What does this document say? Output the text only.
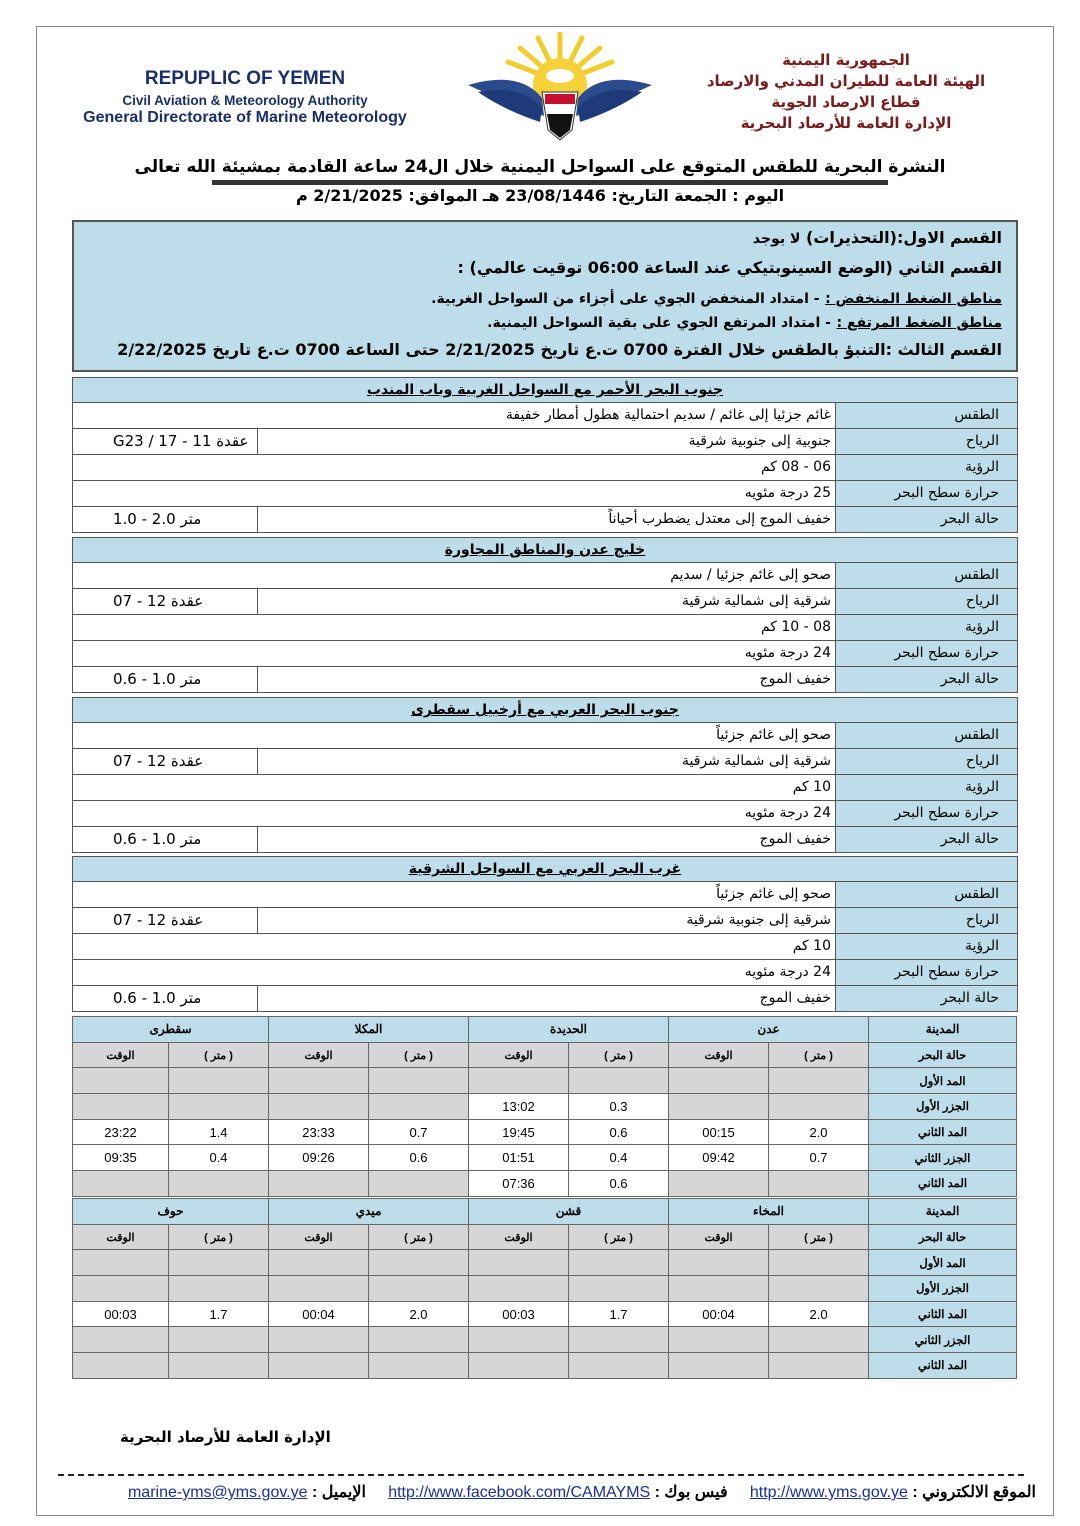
REPUPLIC OF YEMEN
Civil Aviation & Meteorology Authority
General Directorate of Marine Meteorology
الجمهورية اليمنية
الهيئة العامة للطيران المدني والارصاد
قطاع الارصاد الجوية
الإدارة العامة للأرصاد البحرية
النشرة البحرية للطقس المتوقع على السواحل اليمنية خلال ال24 ساعة القادمة بمشيئة الله تعالى
اليوم : الجمعة التاريخ: 23/08/1446 هـ الموافق: 2/21/2025 م
القسم الاول:(التحذيرات) لا يوجد
القسم الثاني (الوضع السينوبتيكي عند الساعة 06:00 توقيت عالمي) :
مناطق الضغط المنخفض : - امتداد المنخفض الجوي على أجزاء من السواحل الغربية.
مناطق الضغط المرتفع : - امتداد المرتفع الجوي على بقية السواحل اليمنية.
القسم الثالث :التنبؤ بالطقس خلال الفترة 0700 ت.ع تاريخ 2/21/2025 حتى الساعة 0700 ت.ع تاريخ 2/22/2025
جنوب البحر الأحمر مع السواحل الغربية وباب المندب
الطقس
غائم جزئيا إلى غائم / سديم احتمالية هطول أمطار خفيفة
الرياح
جنوبية إلى جنوبية شرقية
G23 / 17 - 11 عقدة
الرؤية
06 - 08 كم
حرارة سطح البحر
25 درجة مئويه
حالة البحر
خفيف الموج إلى معتدل يضطرب أحياناً
1.0 - 2.0 متر
خليج عدن والمناطق المجاورة
الطقس
صحو إلى غائم جزئيا / سديم
الرياح
شرقية إلى شمالية شرقية
07 - 12 عقدة
الرؤية
08 - 10 كم
حرارة سطح البحر
24 درجة مئويه
حالة البحر
خفيف الموج
0.6 - 1.0 متر
جنوب البحر العربي مع أرخبيل سقطرى
الطقس
صحو إلى غائم جزئياً
الرياح
شرقية إلى شمالية شرقية
07 - 12 عقدة
الرؤية
10 كم
حرارة سطح البحر
24 درجة مئويه
حالة البحر
خفيف الموج
0.6 - 1.0 متر
غرب البحر العربي مع السواحل الشرقية
الطقس
صحو إلى غائم جزئياً
الرياح
شرقية إلى جنوبية شرقية
07 - 12 عقدة
الرؤية
10 كم
حرارة سطح البحر
24 درجة مئويه
حالة البحر
خفيف الموج
0.6 - 1.0 متر
المدينة	عدن		الحديدة		المكلا		سقطرى	
حالة البحر	( متر )	الوقت	( متر )	الوقت	( متر )	الوقت	( متر )	الوقت
المد الأول								
الجزر الأول			0.3	13:02				
المد الثاني	2.0	00:15	0.6	19:45	0.7	23:33	1.4	23:22
الجزر الثاني	0.7	09:42	0.4	01:51	0.6	09:26	0.4	09:35
المد الثاني			0.6	07:36				
المدينة	المخاء		قشن		ميدي		حوف	
حالة البحر	( متر )	الوقت	( متر )	الوقت	( متر )	الوقت	( متر )	الوقت
المد الأول								
الجزر الأول								
المد الثاني	2.0	00:04	1.7	00:03	2.0	00:04	1.7	00:03
الجزر الثاني								
المد الثاني								
الإدارة العامة للأرصاد البحرية
الموقع الالكتروني : http://www.yms.gov.ye     فيس بوك : http://www.facebook.com/CAMAYMS     الإيميل : marine-yms@yms.gov.ye
